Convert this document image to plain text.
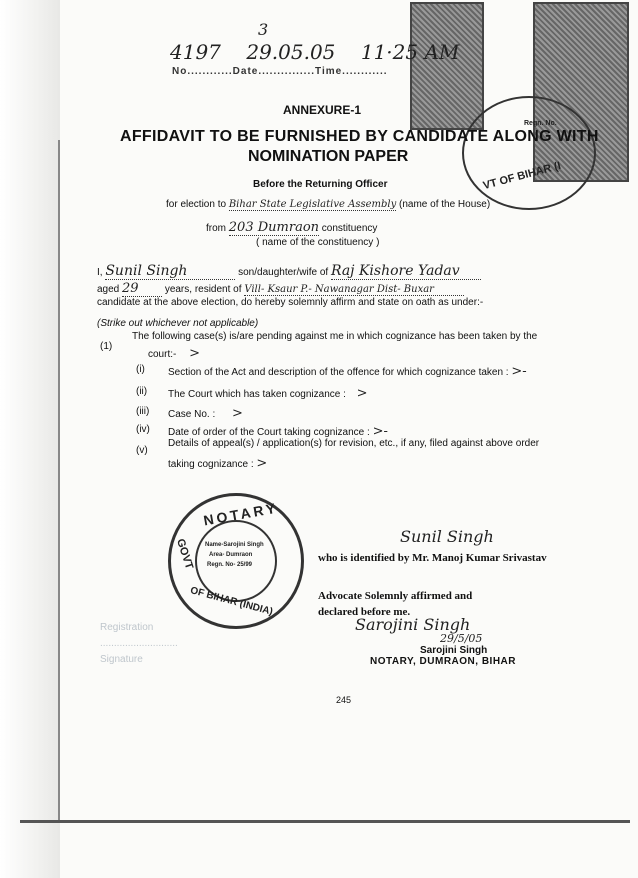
VT OF BIHAR (I
Regn. No.
3
4197 29.05.05 11·25 AM
No............Date...............Time............
ANNEXURE-1
AFFIDAVIT TO BE FURNISHED BY CANDIDATE ALONG WITH
NOMINATION PAPER
Before the Returning Officer
for election to Bihar State Legislative Assembly (name of the House)
from 203 Dumraon constituency
( name of the constituency )
I, Sunil Singh	son/daughter/wife of Raj Kishore Yadav
aged 29	years, resident of Vill- Ksaur P.- Nawanagar Dist- Buxar
candidate at the above election, do hereby solemnly affirm and state on oath as under:-
(Strike out whichever not applicable)
(1)
The following case(s) is/are pending against me in which cognizance has been taken by the
court:- >
(i) Section of the Act and description of the offence for which cognizance taken : >-
(ii) The Court which has taken cognizance : >
(iii) Case No. : >
(iv) Date of order of the Court taking cognizance : >-
(v)
Details of appeal(s) / application(s) for revision, etc., if any, filed against above order
taking cognizance : >
NOTARY
GOVT
OF BIHAR (INDIA)
Name-Sarojini Singh
Area- Dumraon
Regn. No- 25/99
Sunil Singh
who is identified by Mr. Manoj Kumar Srivastav
Advocate Solemnly affirmed and
declared before me.
Sarojini Singh
29/5/05
Sarojini Singh
NOTARY, DUMRAON, BIHAR
Registration
............................
Signature
245
